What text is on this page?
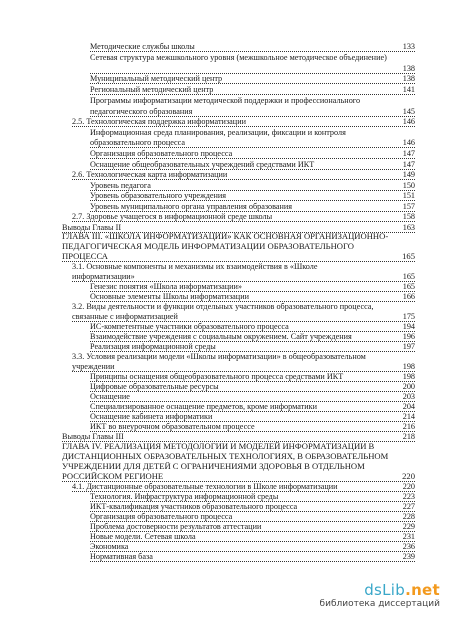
Методические службы школы	133
Сетевая структура межшкольного уровня (межшкольное методическое объединение)
138
Муниципальный методический центр	138
Региональный методический центр	141
Программы информатизации методической поддержки и профессионального
педагогического образования	145
2.5. Технологическая поддержка информатизации	146
Информационная среда планирования, реализации, фиксации и контроля
образовательного процесса	146
Организация образовательного процесса	147
Оснащение общеобразовательных учреждений средствами ИКТ	147
2.6. Технологическая карта информатизации	149
Уровень педагога	150
Уровень образовательного учреждения	151
Уровень муниципального органа управления образования	157
2.7. Здоровье учащегося в информационной среде школы	158
Выводы Главы II	163
ГЛАВА III. «ШКОЛА ИНФОРМАТИЗАЦИИ» КАК ОСНОВНАЯ ОРГАНИЗАЦИОННО-
ПЕДАГОГИЧЕСКАЯ МОДЕЛЬ ИНФОРМАТИЗАЦИИ ОБРАЗОВАТЕЛЬНОГО
ПРОЦЕССА	165
3.1. Основные компоненты и механизмы их взаимодействия в «Школе
информатизации»	165
Генезис понятия «Школа информатизации»	165
Основные элементы Школы информатизации	166
3.2. Виды деятельности и функции отдельных участников образовательного процесса,
связанные с информатизацией	175
ИС-компетентные участники образовательного процесса	194
Взаимодействие учреждения с социальным окружением. Сайт учреждения	196
Реализация информационной среды	197
3.3. Условия реализации модели «Школы информатизации» в общеобразовательном
учреждении	198
Принципы оснащения общеобразовательного процесса средствами ИКТ	198
Цифровые образовательные ресурсы	200
Оснащение	203
Специализированное оснащение предметов, кроме информатики	204
Оснащение кабинета информатики	214
ИКТ во внеурочном образовательном процессе	216
Выводы Главы III	218
ГЛАВА IV. РЕАЛИЗАЦИЯ МЕТОДОЛОГИИ И МОДЕЛЕЙ ИНФОРМАТИЗАЦИИ В
ДИСТАНЦИОННЫХ ОБРАЗОВАТЕЛЬНЫХ ТЕХНОЛОГИЯХ, В ОБРАЗОВАТЕЛЬНОМ
УЧРЕЖДЕНИИ ДЛЯ ДЕТЕЙ С ОГРАНИЧЕНИЯМИ ЗДОРОВЬЯ В ОТДЕЛЬНОМ
РОССИЙСКОМ РЕГИОНЕ	220
4.1. Дистанционные образовательные технологии в Школе информатизации	220
Технология. Инфраструктура информационной среды	223
ИКТ-квалификация участников образовательного процесса	227
Организация образовательного процесса	228
Проблема достоверности результатов аттестации	229
Новые модели. Сетевая школа	231
Экономика	236
Нормативная база	239
dsLib.net
библиотека диссертаций
